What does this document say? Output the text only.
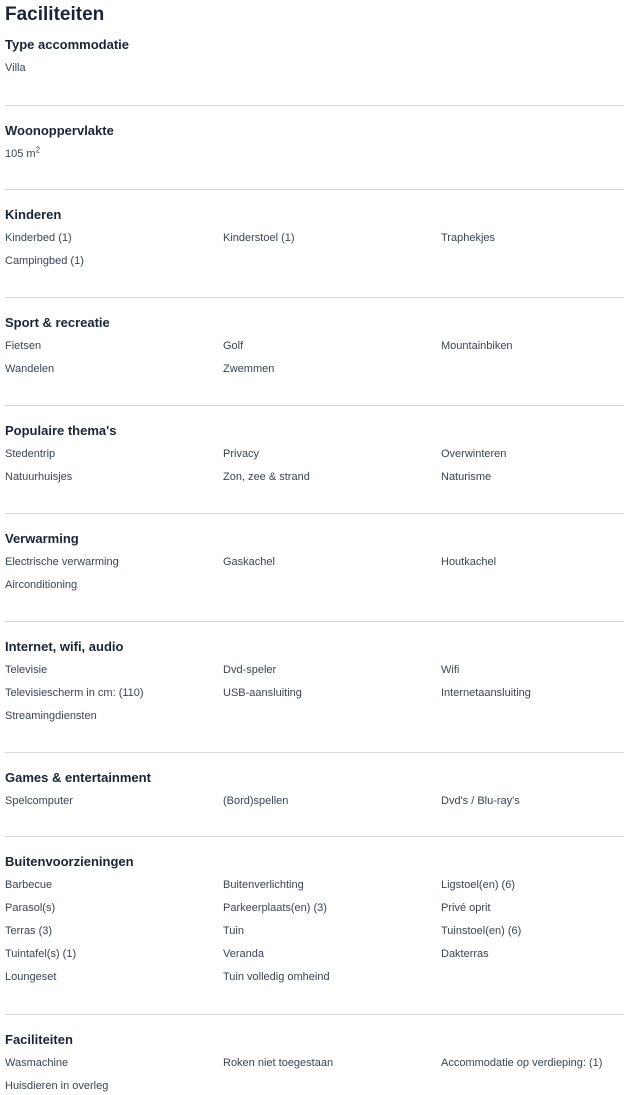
Faciliteiten
Type accommodatie
Villa
Woonoppervlakte
105 $m^2$
Kinderen
Kinderbed (1)	Kinderstoel (1)	Traphekjes
Campingbed (1)
Sport & recreatie
Fietsen	Golf	Mountainbiken
Wandelen	Zwemmen
Populaire thema's
Stedentrip	Privacy	Overwinteren
Natuurhuisjes	Zon, zee & strand	Naturisme
Verwarming
Electrische verwarming	Gaskachel	Houtkachel
Airconditioning
Internet, wifi, audio
Televisie	Dvd-speler	Wifi
Televisiescherm in cm: (110)	USB-aansluiting	Internetaansluiting
Streamingdiensten
Games & entertainment
Spelcomputer	(Bord)spellen	Dvd's / Blu-ray's
Buitenvoorzieningen
Barbecue	Buitenverlichting	Ligstoel(en) (6)
Parasol(s)	Parkeerplaats(en) (3)	Privé oprit
Terras (3)	Tuin	Tuinstoel(en) (6)
Tuintafel(s) (1)	Veranda	Dakterras
Loungeset	Tuin volledig omheind
Faciliteiten
Wasmachine	Roken niet toegestaan	Accommodatie op verdieping: (1)
Huisdieren in overleg
